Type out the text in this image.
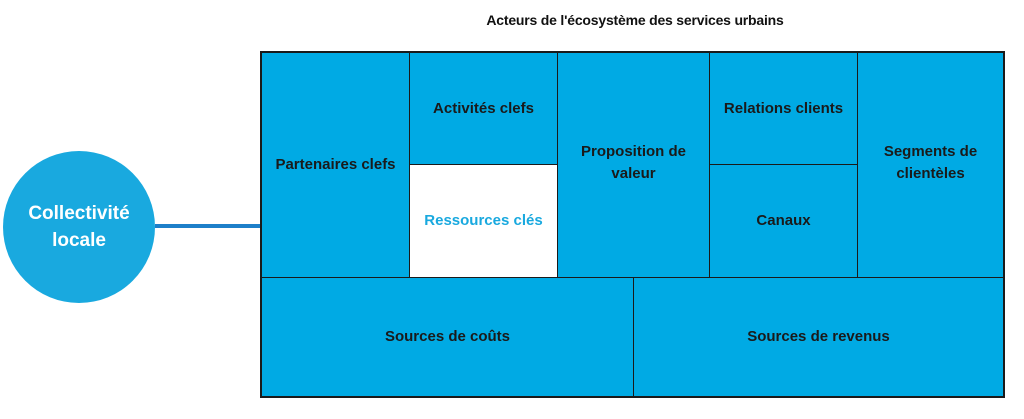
Acteurs de l'écosystème des services urbains
Collectivité locale
Partenaires clefs
Activités clefs
Ressources clés
Proposition de valeur
Relations clients
Canaux
Segments de clientèles
Sources de coûts	Sources de revenus
